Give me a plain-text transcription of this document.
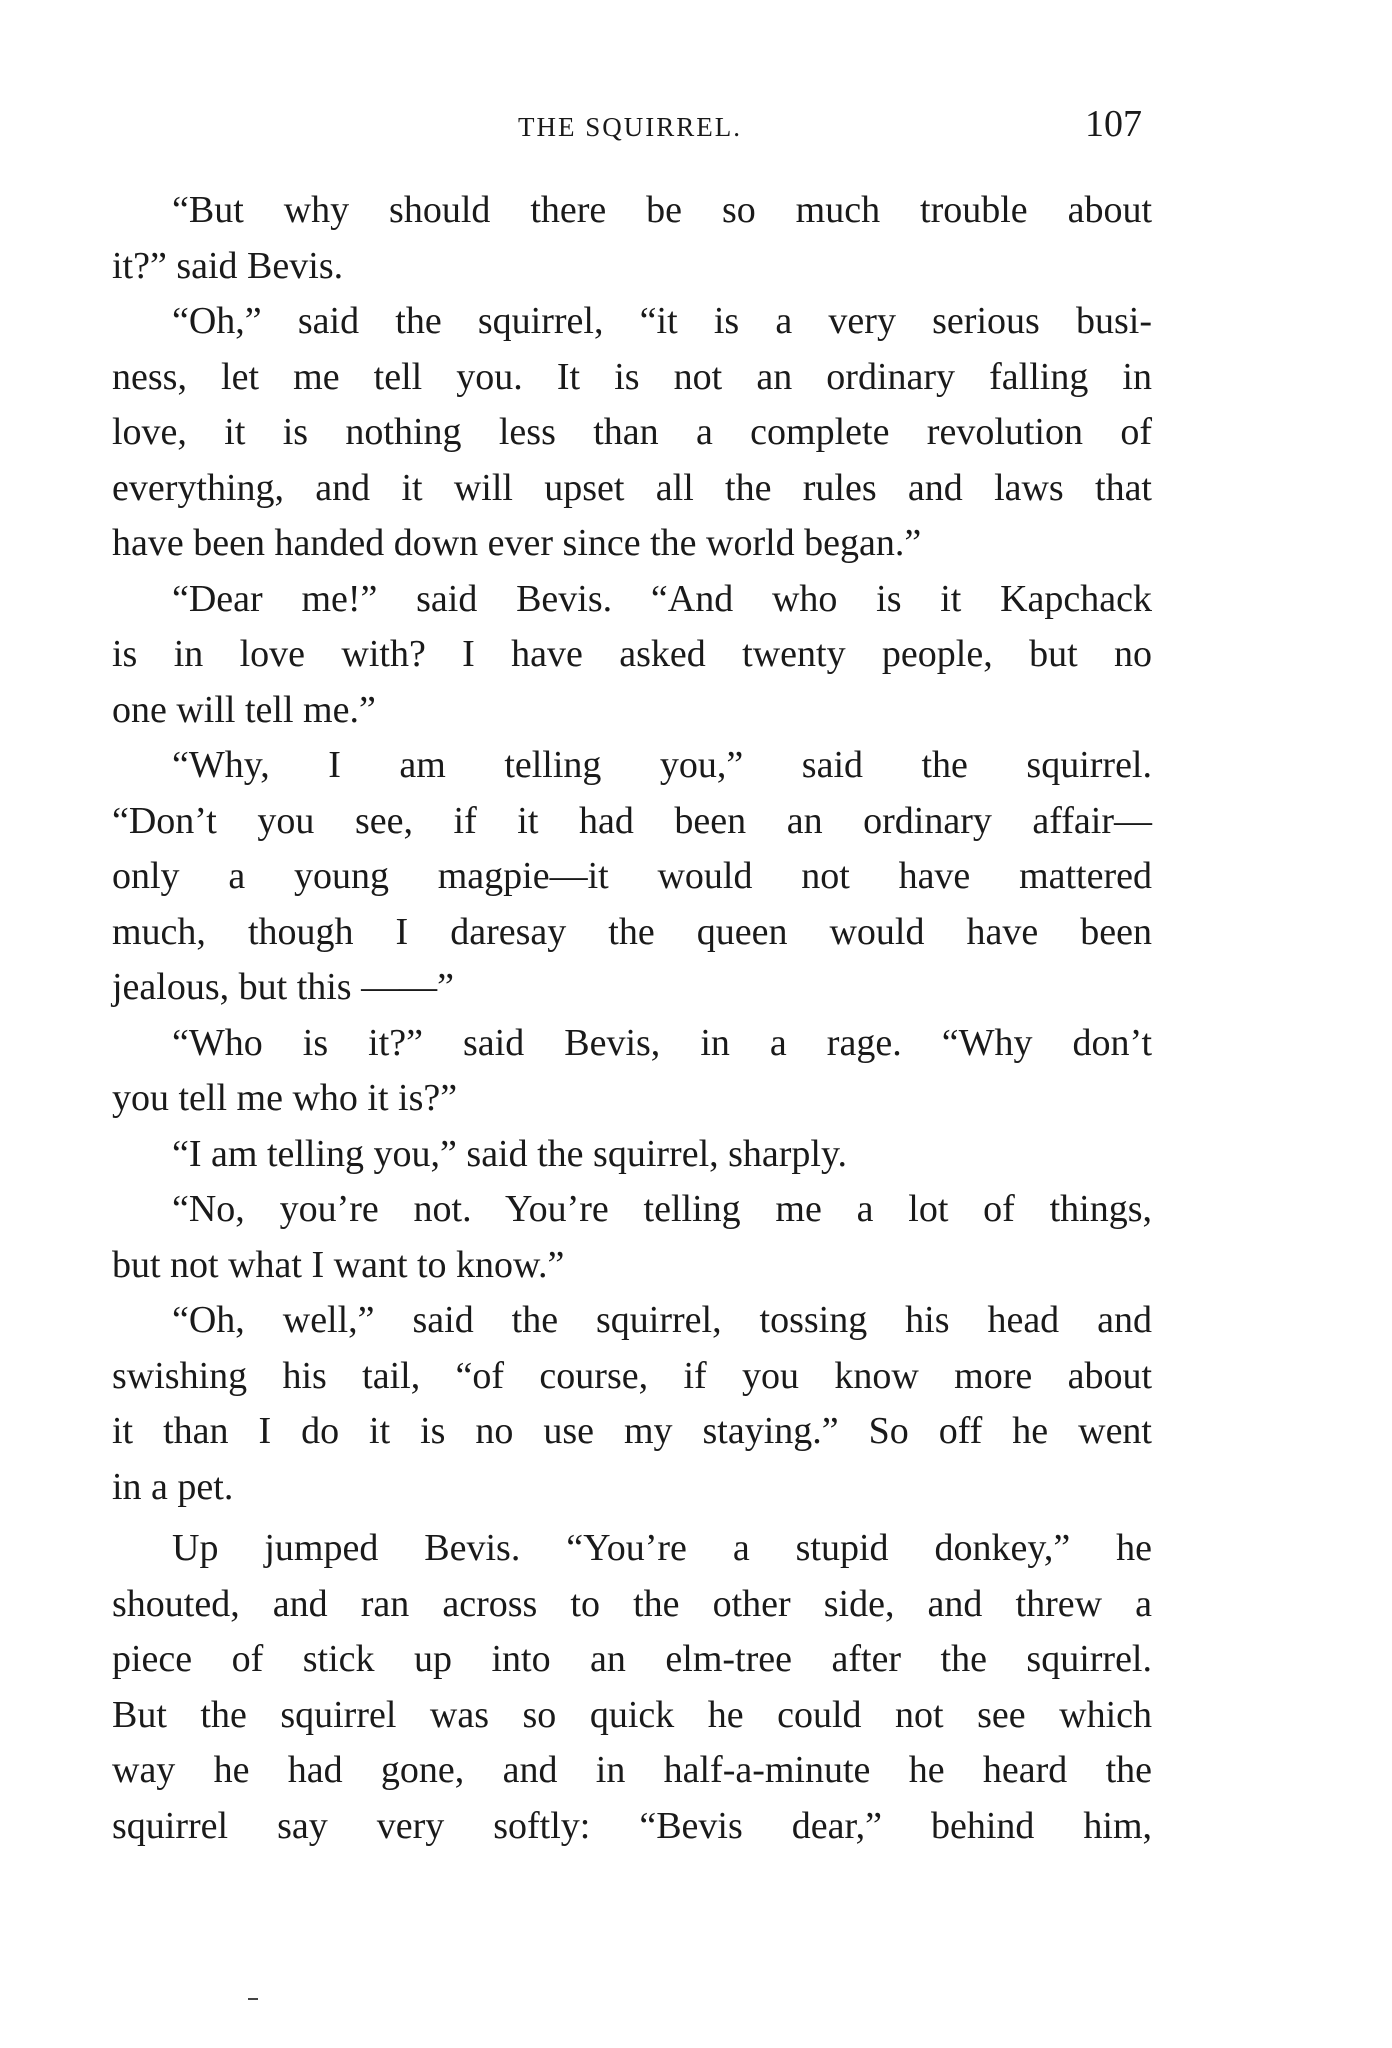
THE SQUIRREL.	107
“But why should there be so much trouble about
it?” said Bevis.
“Oh,” said the squirrel, “it is a very serious busi-
ness, let me tell you. It is not an ordinary falling in
love, it is nothing less than a complete revolution of
everything, and it will upset all the rules and laws that
have been handed down ever since the world began.”
“Dear me!” said Bevis. “And who is it Kapchack
is in love with? I have asked twenty people, but no
one will tell me.”
“Why, I am telling you,” said the squirrel.
“Don’t you see, if it had been an ordinary affair—
only a young magpie—it would not have mattered
much, though I daresay the queen would have been
jealous, but this ——”
“Who is it?” said Bevis, in a rage. “Why don’t
you tell me who it is?”
“I am telling you,” said the squirrel, sharply.
“No, you’re not. You’re telling me a lot of things,
but not what I want to know.”
“Oh, well,” said the squirrel, tossing his head and
swishing his tail, “of course, if you know more about
it than I do it is no use my staying.” So off he went
in a pet.
Up jumped Bevis. “You’re a stupid donkey,” he
shouted, and ran across to the other side, and threw a
piece of stick up into an elm-tree after the squirrel.
But the squirrel was so quick he could not see which
way he had gone, and in half-a-minute he heard the
squirrel say very softly: “Bevis dear,” behind him,
